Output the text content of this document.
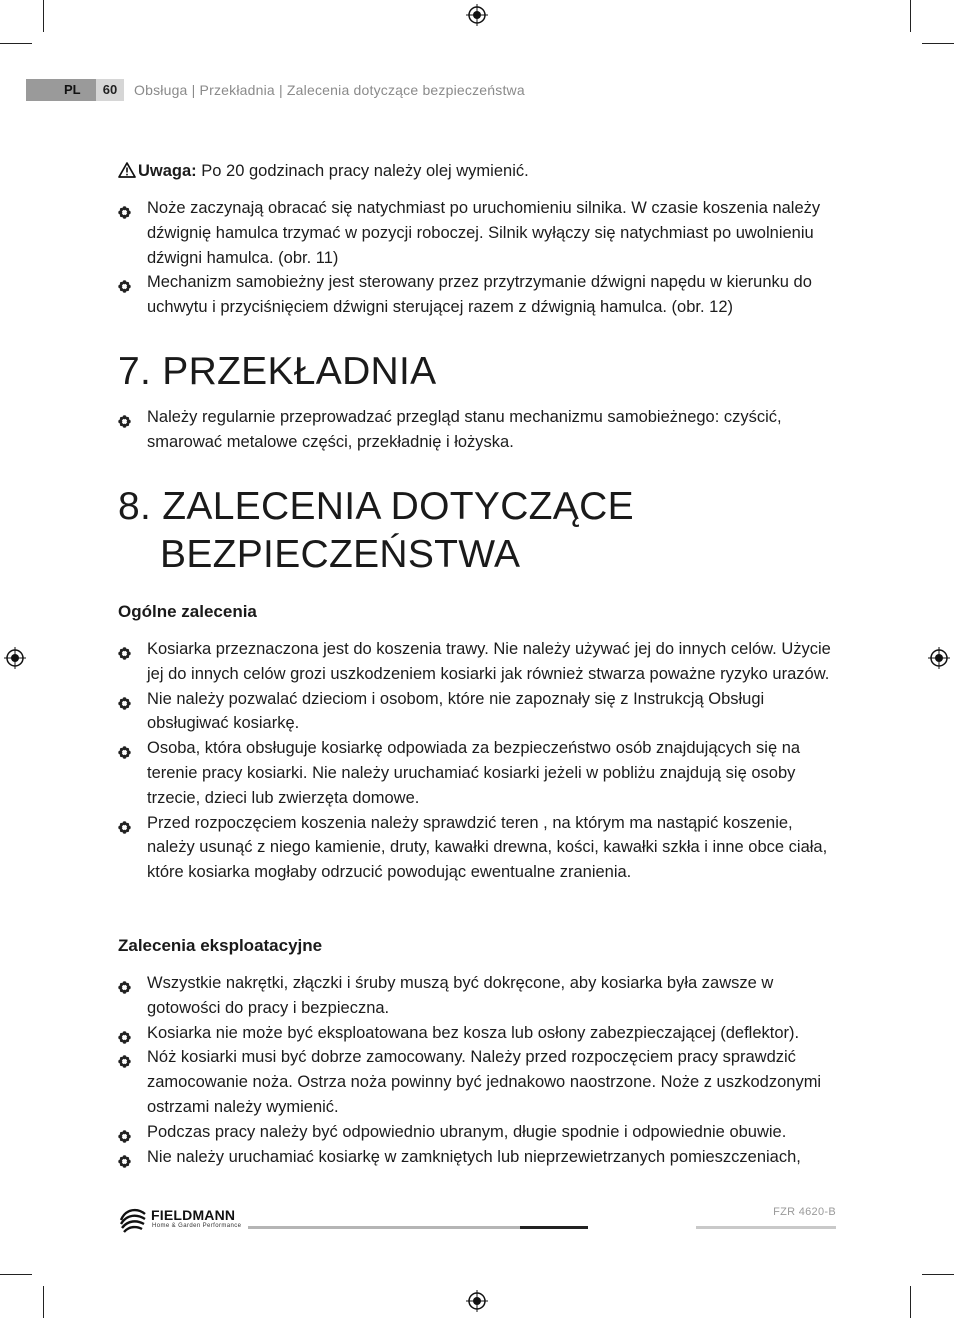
PL	60	Obsługa | Przekładnia | Zalecenia dotyczące bezpieczeństwa
Uwaga: Po 20 godzinach pracy należy olej wymienić.
Noże zaczynają obracać się natychmiast po uruchomieniu silnika. W czasie koszenia należy dźwignię hamulca trzymać w pozycji roboczej. Silnik wyłączy się natychmiast po uwolnieniu dźwigni hamulca. (obr. 11)
Mechanizm samobieżny jest sterowany przez przytrzymanie dźwigni napędu w kierunku do uchwytu i przyciśnięciem dźwigni sterującej razem z dźwignią hamulca. (obr. 12)
7. PRZEKŁADNIA
Należy regularnie przeprowadzać przegląd stanu mechanizmu samobieżnego: czyścić, smarować metalowe części, przekładnię i łożyska.
8. ZALECENIA DOTYCZĄCE
BEZPIECZEŃSTWA
Ogólne zalecenia
Kosiarka przeznaczona jest do koszenia trawy. Nie należy używać jej do innych celów. Użycie jej do innych celów grozi uszkodzeniem kosiarki jak również stwarza poważne ryzyko urazów.
Nie należy pozwalać dzieciom i osobom, które nie zapoznały się z Instrukcją Obsługi obsługiwać kosiarkę.
Osoba, która obsługuje kosiarkę odpowiada za bezpieczeństwo osób znajdujących się na terenie pracy kosiarki. Nie należy uruchamiać kosiarki jeżeli w pobliżu znajdują się osoby trzecie, dzieci lub zwierzęta domowe.
Przed rozpoczęciem koszenia należy sprawdzić teren , na którym ma nastąpić koszenie, należy usunąć z niego kamienie, druty, kawałki drewna, kości, kawałki szkła i inne obce ciała, które kosiarka mogłaby odrzucić powodując ewentualne zranienia.
Zalecenia eksploatacyjne
Wszystkie nakrętki, złączki i śruby muszą być dokręcone, aby kosiarka była zawsze w gotowości do pracy i bezpieczna.
Kosiarka nie może być eksploatowana bez kosza lub osłony zabezpieczającej (deflektor).
Nóż kosiarki musi być dobrze zamocowany. Należy przed rozpoczęciem pracy sprawdzić zamocowanie noża. Ostrza noża powinny być jednakowo naostrzone. Noże z uszkodzonymi ostrzami należy wymienić.
Podczas pracy należy być odpowiednio ubranym, długie spodnie i odpowiednie obuwie.
Nie należy uruchamiać kosiarkę w zamkniętych lub nieprzewietrzanych pomieszczeniach,
FIELDMANN
Home & Garden Performance
FZR 4620-B
